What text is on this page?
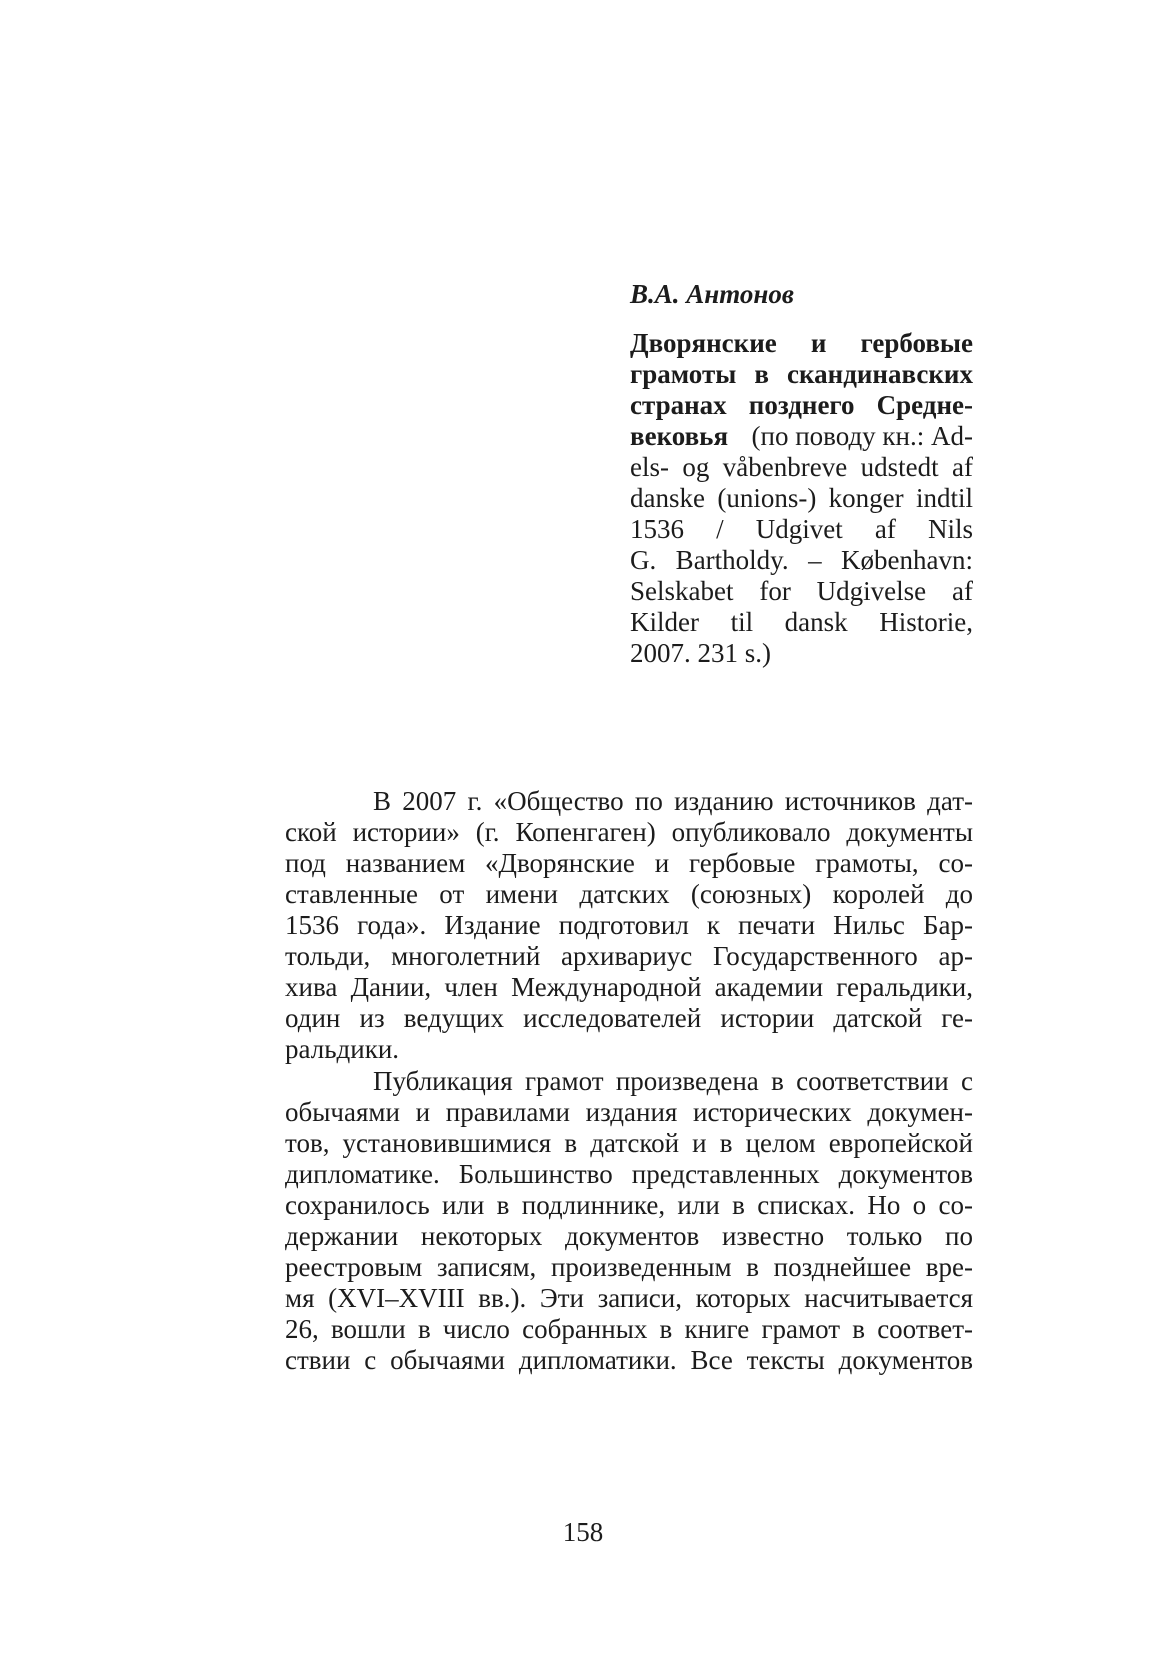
В.А. Антонов
Дворянские и гербовые
грамоты в скандинавских
странах позднего Средне-
вековья (по поводу кн.: Ad-
els- og våbenbreve udstedt af
danske (unions-) konger indtil
1536 / Udgivet af Nils
G. Bartholdy. – København:
Selskabet for Udgivelse af
Kilder til dansk Historie,
2007. 231 s.)
В 2007 г. «Общество по изданию источников дат-
ской истории» (г. Копенгаген) опубликовало документы
под названием «Дворянские и гербовые грамоты, со-
ставленные от имени датских (союзных) королей до
1536 года». Издание подготовил к печати Нильс Бар-
тольди, многолетний архивариус Государственного ар-
хива Дании, член Международной академии геральдики,
один из ведущих исследователей истории датской ге-
ральдики.
Публикация грамот произведена в соответствии с
обычаями и правилами издания исторических докумен-
тов, установившимися в датской и в целом европейской
дипломатике. Большинство представленных документов
сохранилось или в подлиннике, или в списках. Но о со-
держании некоторых документов известно только по
реестровым записям, произведенным в позднейшее вре-
мя (XVI–XVIII вв.). Эти записи, которых насчитывается
26, вошли в число собранных в книге грамот в соответ-
ствии с обычаями дипломатики. Все тексты документов
158
